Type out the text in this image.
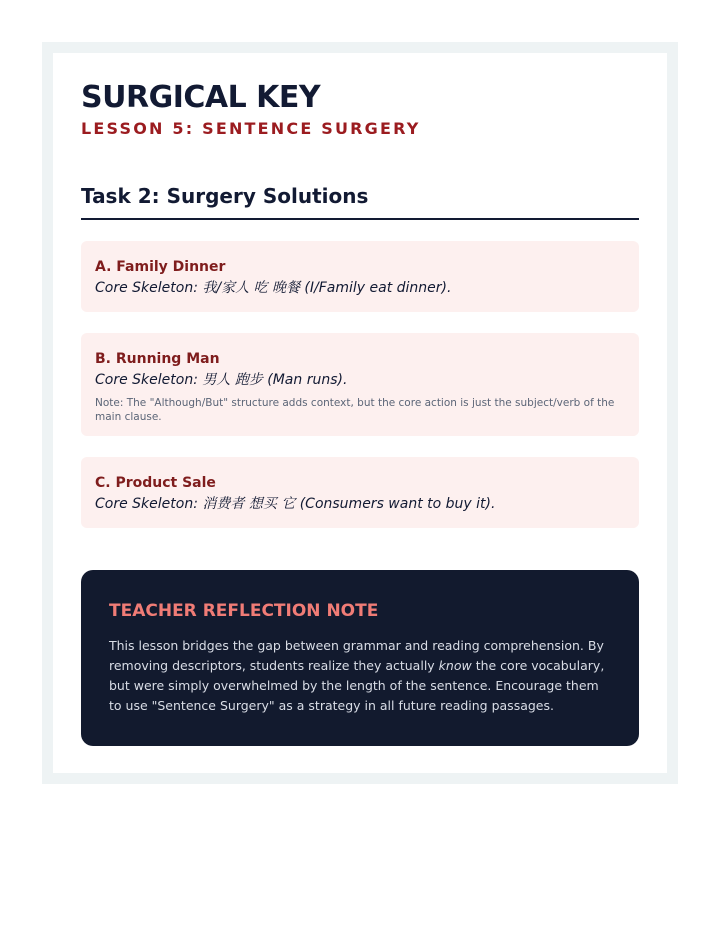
SURGICAL KEY
LESSON 5: SENTENCE SURGERY
Task 2: Surgery Solutions

A. Family Dinner

Core Skeleton: 我/家人 吃 晚餐 (I/Family eat dinner).

B. Running Man

Core Skeleton: 男人 跑步 (Man runs).

Note: The "Although/But" structure adds context, but the core action is just the subject/verb of the main clause.

C. Product Sale

Core Skeleton: 消费者 想买 它 (Consumers want to buy it).

TEACHER REFLECTION NOTE

This lesson bridges the gap between grammar and reading comprehension. By removing descriptors, students realize they actually know the core vocabulary, but were simply overwhelmed by the length of the sentence. Encourage them to use "Sentence Surgery" as a strategy in all future reading passages.
